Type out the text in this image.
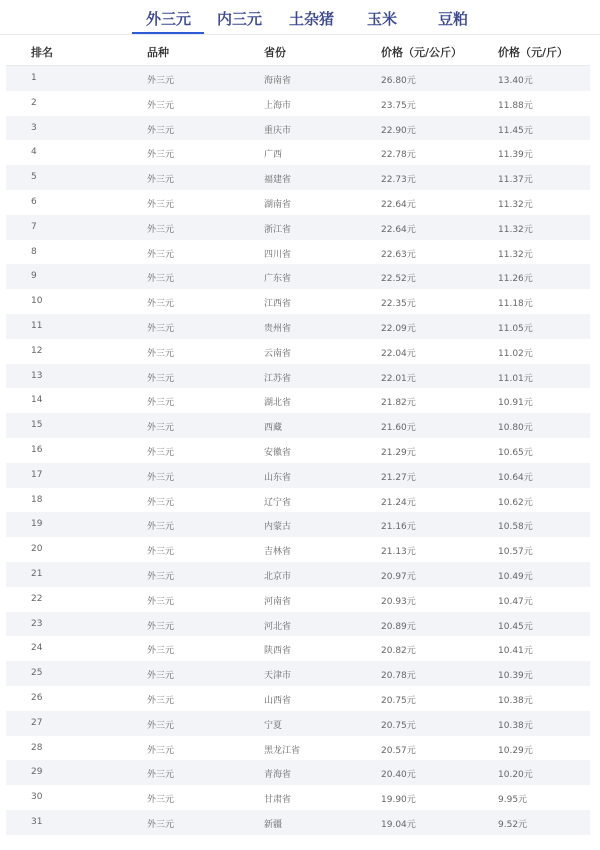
外三元 内三元 土杂猪 玉米	豆粕
排名	品种	省份	价格（元/公斤）	价格（元/斤）
1	外三元	海南省	26.80元	13.40元
2	外三元	上海市	23.75元	11.88元
3	外三元	重庆市	22.90元	11.45元
4	外三元	广西	22.78元	11.39元
5	外三元	福建省	22.73元	11.37元
6	外三元	湖南省	22.64元	11.32元
7	外三元	浙江省	22.64元	11.32元
8	外三元	四川省	22.63元	11.32元
9	外三元	广东省	22.52元	11.26元
10	外三元	江西省	22.35元	11.18元
11	外三元	贵州省	22.09元	11.05元
12	外三元	云南省	22.04元	11.02元
13	外三元	江苏省	22.01元	11.01元
14	外三元	湖北省	21.82元	10.91元
15	外三元	西藏	21.60元	10.80元
16	外三元	安徽省	21.29元	10.65元
17	外三元	山东省	21.27元	10.64元
18	外三元	辽宁省	21.24元	10.62元
19	外三元	内蒙古	21.16元	10.58元
20	外三元	吉林省	21.13元	10.57元
21	外三元	北京市	20.97元	10.49元
22	外三元	河南省	20.93元	10.47元
23	外三元	河北省	20.89元	10.45元
24	外三元	陕西省	20.82元	10.41元
25	外三元	天津市	20.78元	10.39元
26	外三元	山西省	20.75元	10.38元
27	外三元	宁夏	20.75元	10.38元
28	外三元	黑龙江省	20.57元	10.29元
29	外三元	青海省	20.40元	10.20元
30	外三元	甘肃省	19.90元	9.95元
31	外三元	新疆	19.04元	9.52元
